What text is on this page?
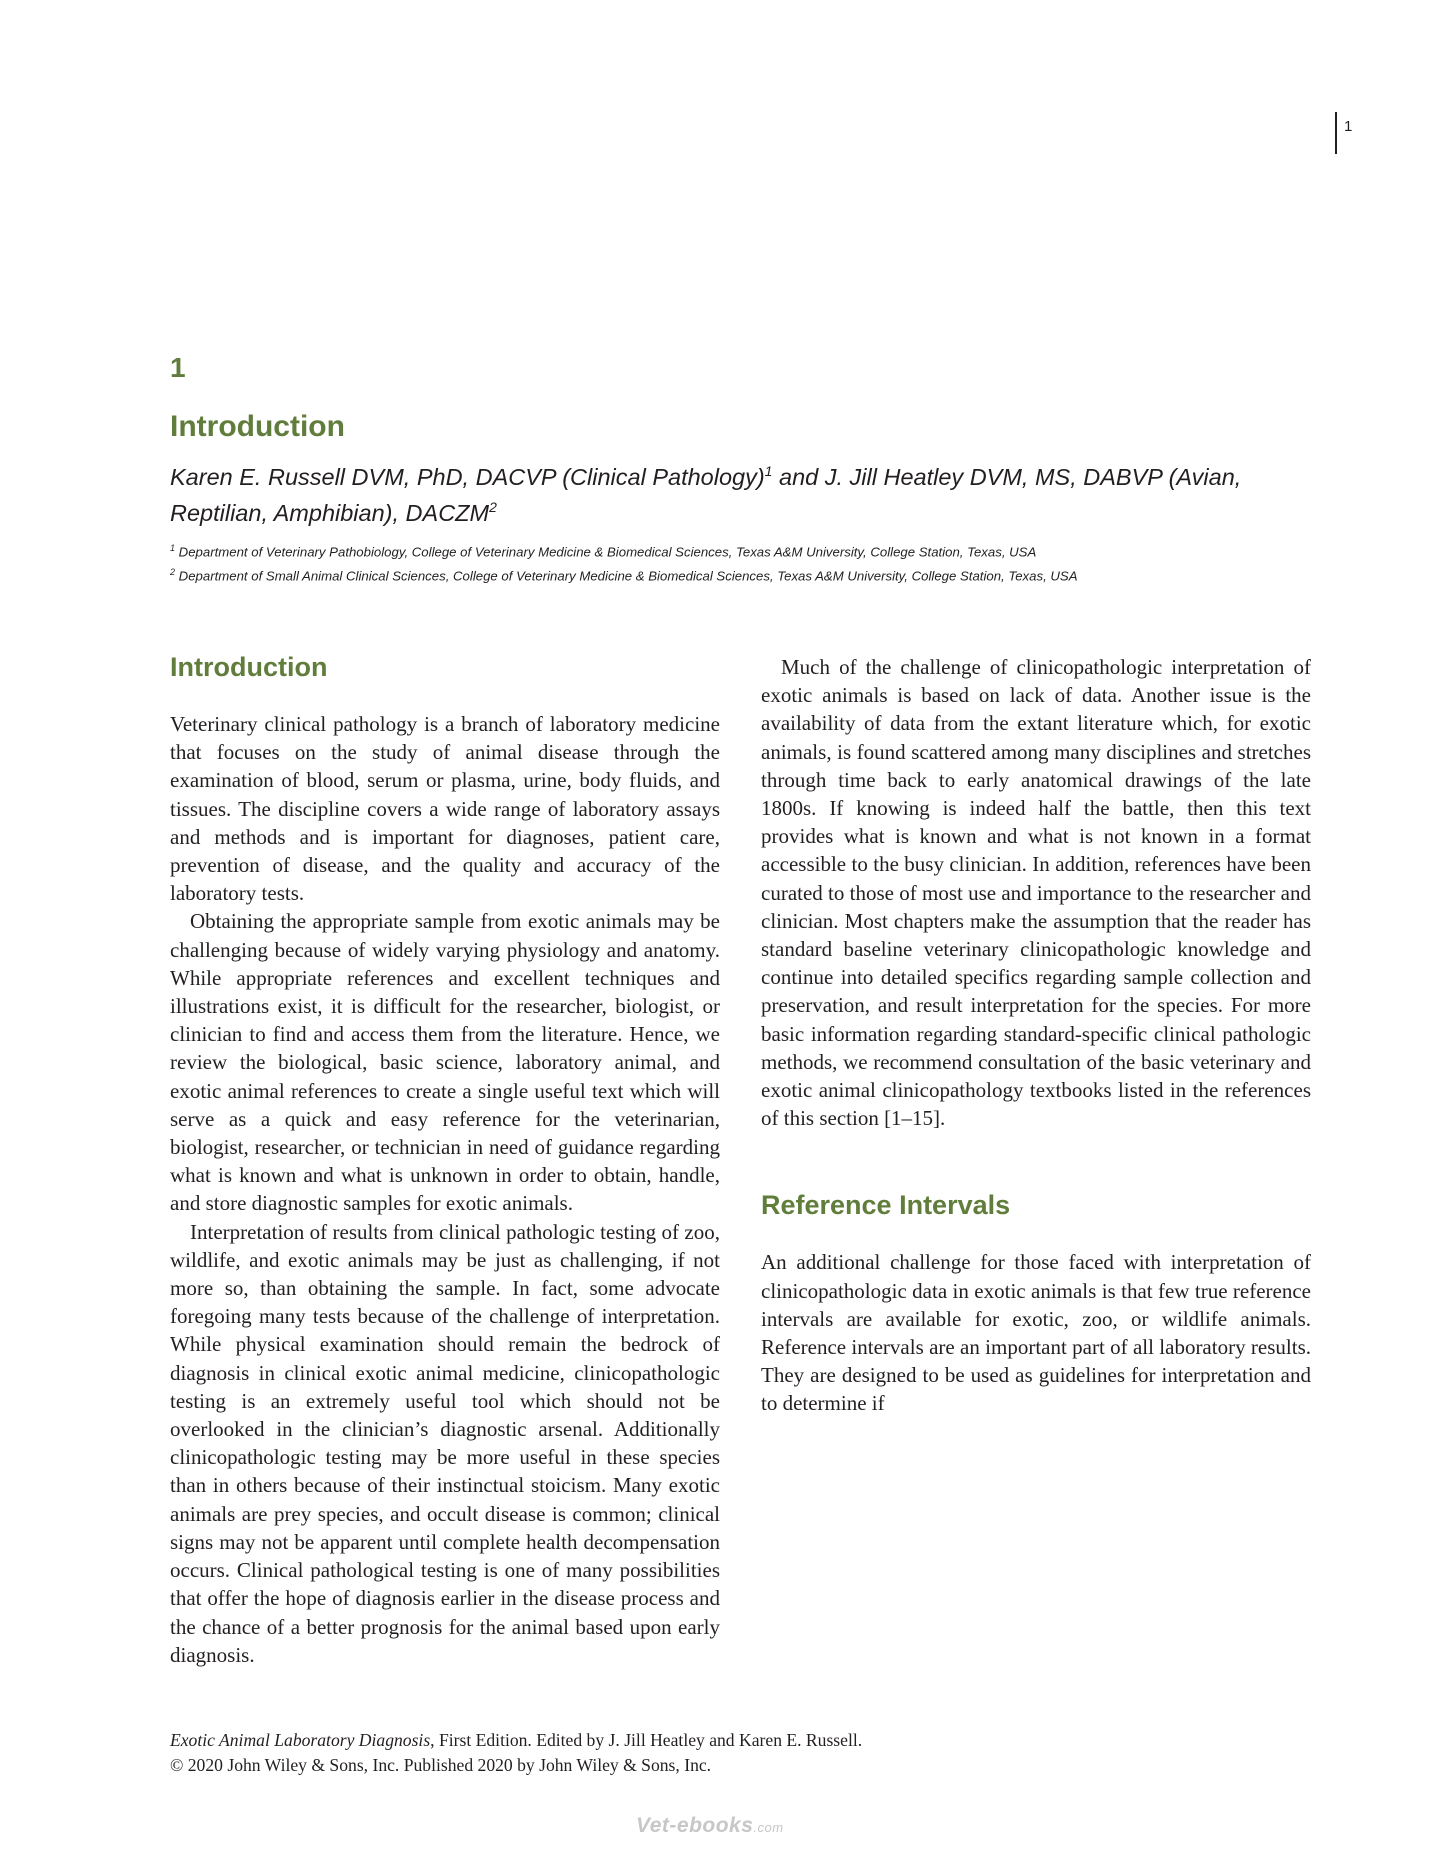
1
1
Introduction
Karen E. Russell DVM, PhD, DACVP (Clinical Pathology)$^1$ and J. Jill Heatley DVM, MS, DABVP (Avian, Reptilian, Amphibian), DACZM$^2$
$^1$ Department of Veterinary Pathobiology, College of Veterinary Medicine & Biomedical Sciences, Texas A&M University, College Station, Texas, USA
$^2$ Department of Small Animal Clinical Sciences, College of Veterinary Medicine & Biomedical Sciences, Texas A&M University, College Station, Texas, USA
Introduction

Veterinary clinical pathology is a branch of laboratory medicine that focuses on the study of animal disease through the examination of blood, serum or plasma, urine, body fluids, and tissues. The discipline covers a wide range of laboratory assays and methods and is important for diagnoses, patient care, prevention of disease, and the quality and accuracy of the laboratory tests.

Obtaining the appropriate sample from exotic animals may be challenging because of widely varying physiology and anatomy. While appropriate references and excellent techniques and illustrations exist, it is difficult for the researcher, biologist, or clinician to find and access them from the literature. Hence, we review the biological, basic science, laboratory animal, and exotic animal references to create a single useful text which will serve as a quick and easy reference for the veterinarian, biologist, researcher, or technician in need of guidance regarding what is known and what is unknown in order to obtain, handle, and store diagnostic samples for exotic animals.

Interpretation of results from clinical pathologic testing of zoo, wildlife, and exotic animals may be just as challenging, if not more so, than obtaining the sample. In fact, some advocate foregoing many tests because of the challenge of interpretation. While physical examination should remain the bedrock of diagnosis in clinical exotic animal medicine, clinicopathologic testing is an extremely useful tool which should not be overlooked in the clinician’s diagnostic arsenal. Additionally clinicopathologic testing may be more useful in these species than in others because of their instinctual stoicism. Many exotic animals are prey species, and occult disease is common; clinical signs may not be apparent until complete health decompensation occurs. Clinical pathological testing is one of many possibilities that offer the hope of diagnosis earlier in the disease process and the chance of a better prognosis for the animal based upon early diagnosis.

Much of the challenge of clinicopathologic interpretation of exotic animals is based on lack of data. Another issue is the availability of data from the extant literature which, for exotic animals, is found scattered among many disciplines and stretches through time back to early anatomical drawings of the late 1800s. If knowing is indeed half the battle, then this text provides what is known and what is not known in a format accessible to the busy clinician. In addition, references have been curated to those of most use and importance to the researcher and clinician. Most chapters make the assumption that the reader has standard baseline veterinary clinicopathologic knowledge and continue into detailed specifics regarding sample collection and preservation, and result interpretation for the species. For more basic information regarding standard-specific clinical pathologic methods, we recommend consultation of the basic veterinary and exotic animal clinicopathology textbooks listed in the references of this section [1–15].

Reference Intervals

An additional challenge for those faced with interpretation of clinicopathologic data in exotic animals is that few true reference intervals are available for exotic, zoo, or wildlife animals. Reference intervals are an important part of all laboratory results. They are designed to be used as guidelines for interpretation and to determine if

Exotic Animal Laboratory Diagnosis, First Edition. Edited by J. Jill Heatley and Karen E. Russell.
© 2020 John Wiley & Sons, Inc. Published 2020 by John Wiley & Sons, Inc.
Vet-ebooks.com
